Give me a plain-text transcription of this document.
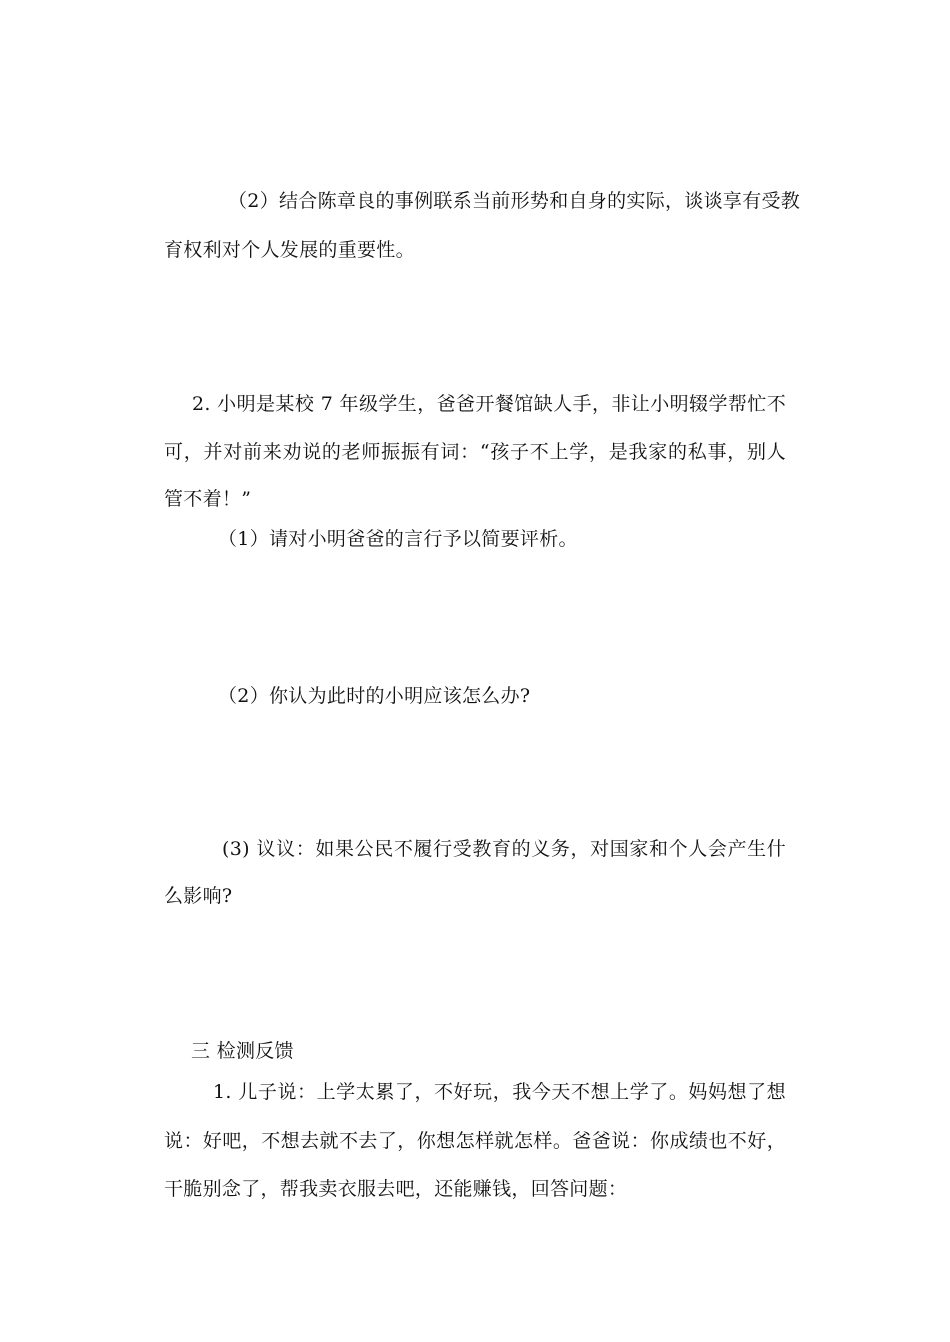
（2）结合陈章良的事例联系当前形势和自身的实际，谈谈享有受教
育权利对个人发展的重要性。
2. 小明是某校 7 年级学生，爸爸开餐馆缺人手，非让小明辍学帮忙不
可，并对前来劝说的老师振振有词：“孩子不上学，是我家的私事，别人
管不着！”
（1）请对小明爸爸的言行予以简要评析。
（2）你认为此时的小明应该怎么办?
(3) 议议：如果公民不履行受教育的义务，对国家和个人会产生什
么影响?
三 检测反馈
1. 儿子说：上学太累了，不好玩，我今天不想上学了。妈妈想了想
说：好吧，不想去就不去了，你想怎样就怎样。爸爸说：你成绩也不好，
干脆别念了，帮我卖衣服去吧，还能赚钱，回答问题：
